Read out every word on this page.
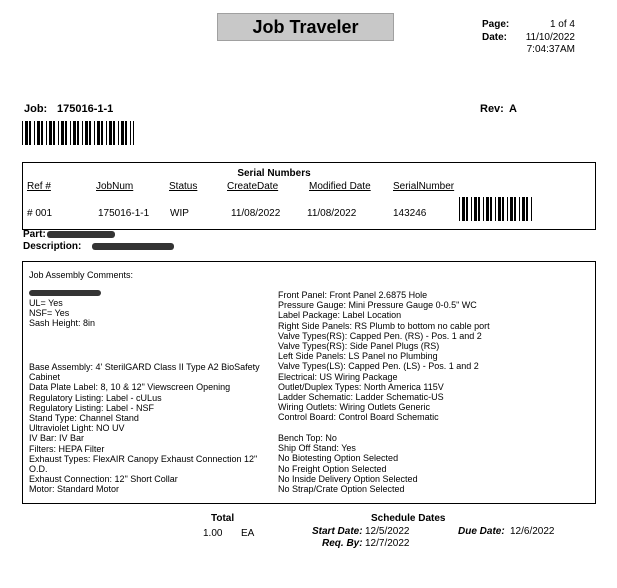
Job Traveler	Page:	1 of 4
Date:	11/10/2022
7:04:37AM
Job: 175016-1-1	Rev: A
Serial Numbers
Ref #	JobNum	Status	CreateDate	Modified Date SerialNumber
# 001	175016-1-1 WIP	11/08/2022	11/08/2022	143246
Part:
Description:
Job Assembly Comments:
UL= Yes
NSF= Yes
Sash Height: 8in
Base Assembly: 4' SterilGARD Class II Type A2 BioSafety
Cabinet
Data Plate Label: 8, 10 & 12" Viewscreen Opening
Regulatory Listing: Label - cULus
Regulatory Listing: Label - NSF
Stand Type: Channel Stand
Ultraviolet Light: NO UV
IV Bar: IV Bar
Filters: HEPA Filter
Exhaust Types: FlexAIR Canopy Exhaust Connection 12"
O.D.
Exhaust Connection: 12" Short Collar
Motor: Standard Motor
Front Panel: Front Panel 2.6875 Hole
Pressure Gauge: Mini Pressure Gauge 0-0.5" WC
Label Package: Label Location
Right Side Panels: RS Plumb to bottom no cable port
Valve Types(RS): Capped Pen. (RS) - Pos. 1 and 2
Valve Types(RS): Side Panel Plugs (RS)
Left Side Panels: LS Panel no Plumbing
Valve Types(LS): Capped Pen. (LS) - Pos. 1 and 2
Electrical: US Wiring Package
Outlet/Duplex Types: North America 115V
Ladder Schematic: Ladder Schematic-US
Wiring Outlets: Wiring Outlets Generic
Control Board: Control Board Schematic
Bench Top: No
Ship Off Stand: Yes
No Biotesting Option Selected
No Freight Option Selected
No Inside Delivery Option Selected
No Strap/Crate Option Selected
Total
1.00 EA
Schedule Dates
Start Date: 12/5/2022	Due Date: 12/6/2022
Req. By: 12/7/2022
